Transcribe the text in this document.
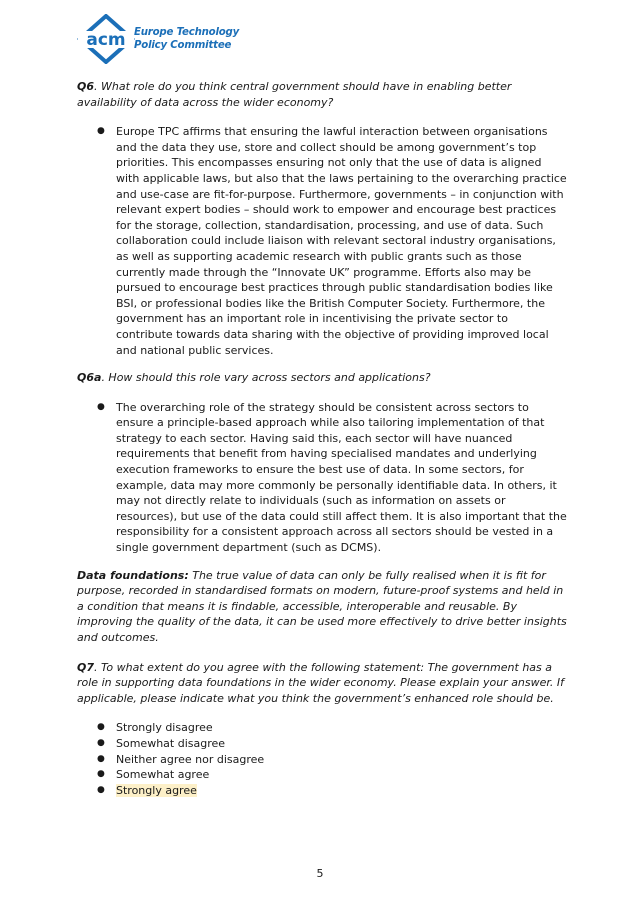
acm Europe Technology
Policy Committee

Q6. What role do you think central government should have in enabling better availability of data across the wider economy?

● Europe TPC affirms that ensuring the lawful interaction between organisations and the data they use, store and collect should be among government’s top priorities. This encompasses ensuring not only that the use of data is aligned with applicable laws, but also that the laws pertaining to the overarching practice and use-case are fit-for-purpose. Furthermore, governments – in conjunction with relevant expert bodies – should work to empower and encourage best practices for the storage, collection, standardisation, processing, and use of data. Such collaboration could include liaison with relevant sectoral industry organisations, as well as supporting academic research with public grants such as those currently made through the “Innovate UK” programme. Efforts also may be pursued to encourage best practices through public standardisation bodies like BSI, or professional bodies like the British Computer Society. Furthermore, the government has an important role in incentivising the private sector to contribute towards data sharing with the objective of providing improved local and national public services.

Q6a. How should this role vary across sectors and applications?

● The overarching role of the strategy should be consistent across sectors to ensure a principle-based approach while also tailoring implementation of that strategy to each sector. Having said this, each sector will have nuanced requirements that benefit from having specialised mandates and underlying execution frameworks to ensure the best use of data. In some sectors, for example, data may more commonly be personally identifiable data. In others, it may not directly relate to individuals (such as information on assets or resources), but use of the data could still affect them. It is also important that the responsibility for a consistent approach across all sectors should be vested in a single government department (such as DCMS).

Data foundations: The true value of data can only be fully realised when it is fit for purpose, recorded in standardised formats on modern, future-proof systems and held in a condition that means it is findable, accessible, interoperable and reusable. By improving the quality of the data, it can be used more effectively to drive better insights and outcomes.

Q7. To what extent do you agree with the following statement: The government has a role in supporting data foundations in the wider economy. Please explain your answer. If applicable, please indicate what you think the government’s enhanced role should be.

● Strongly disagree
● Somewhat disagree
● Neither agree nor disagree
● Somewhat agree
● Strongly agree
5
